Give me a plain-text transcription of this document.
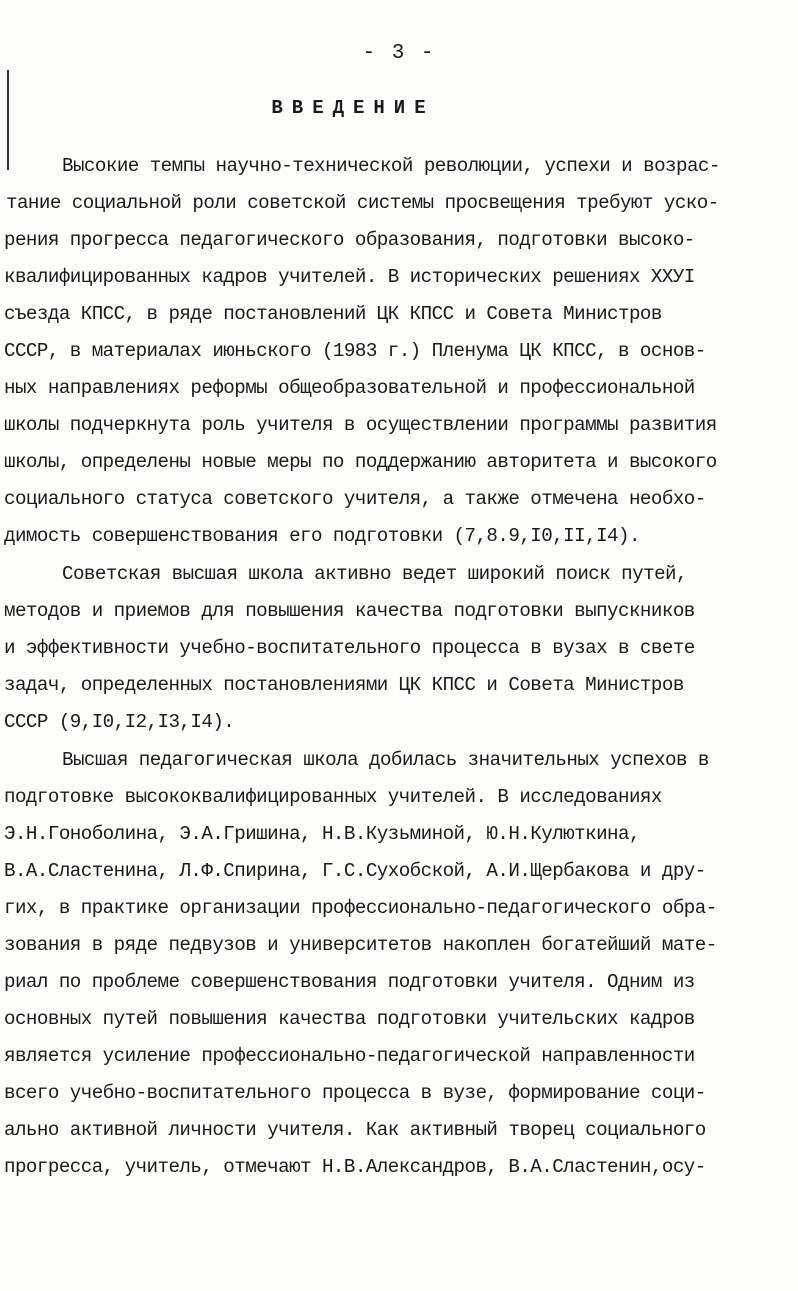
- 3 -
ВВЕДЕНИЕ
Высокие темпы научно-технической революции, успехи и возрас-
тание социальной роли советской системы просвещения требуют уско-
рения прогресса педагогического образования, подготовки высоко-
квалифицированных кадров учителей. В исторических решениях ХХУI
съезда КПСС, в ряде постановлений ЦК КПСС и Совета Министров
СССР, в материалах июньского (1983 г.) Пленума ЦК КПСС, в основ-
ных направлениях реформы общеобразовательной и профессиональной
школы подчеркнута роль учителя в осуществлении программы развития
школы, определены новые меры по поддержанию авторитета и высокого
социального статуса советского учителя, а также отмечена необхо-
димость совершенствования его подготовки (7,8.9,I0,II,I4).
Советская высшая школа активно ведет широкий поиск путей,
методов и приемов для повышения качества подготовки выпускников
и эффективности учебно-воспитательного процесса в вузах в свете
задач, определенных постановлениями ЦК КПСС и Совета Министров
СССР (9,I0,I2,I3,I4).
Высшая педагогическая школа добилась значительных успехов в
подготовке высококвалифицированных учителей. В исследованиях
Э.Н.Гоноболина, Э.А.Гришина, Н.В.Кузьминой, Ю.Н.Кулюткина,
В.А.Сластенина, Л.Ф.Спирина, Г.С.Сухобской, А.И.Щербакова и дру-
гих, в практике организации профессионально-педагогического обра-
зования в ряде педвузов и университетов накоплен богатейший мате-
риал по проблеме совершенствования подготовки учителя. Одним из
основных путей повышения качества подготовки учительских кадров
является усиление профессионально-педагогической направленности
всего учебно-воспитательного процесса в вузе, формирование соци-
ально активной личности учителя. Как активный творец социального
прогресса, учитель, отмечают Н.В.Александров, В.А.Сластенин,осу-
